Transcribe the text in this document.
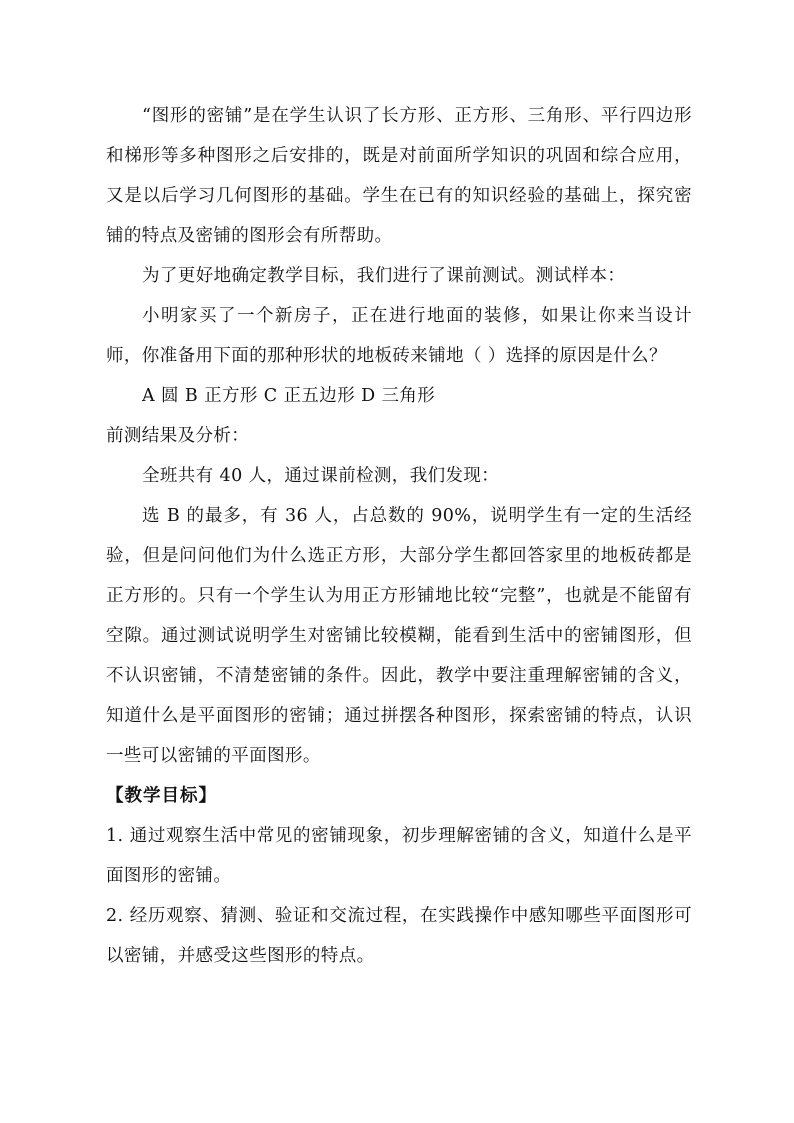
“图形的密铺”是在学生认识了长方形、正方形、三角形、平行四边形和梯形等多种图形之后安排的，既是对前面所学知识的巩固和综合应用，又是以后学习几何图形的基础。学生在已有的知识经验的基础上，探究密铺的特点及密铺的图形会有所帮助。

为了更好地确定教学目标，我们进行了课前测试。测试样本：

小明家买了一个新房子，正在进行地面的装修，如果让你来当设计师，你准备用下面的那种形状的地板砖来铺地（ ）选择的原因是什么？

A 圆 B 正方形 C 正五边形 D 三角形

前测结果及分析：

全班共有 40 人，通过课前检测，我们发现：

选 B 的最多，有 36 人，占总数的 90%，说明学生有一定的生活经验，但是问问他们为什么选正方形，大部分学生都回答家里的地板砖都是正方形的。只有一个学生认为用正方形铺地比较“完整”，也就是不能留有空隙。通过测试说明学生对密铺比较模糊，能看到生活中的密铺图形，但不认识密铺，不清楚密铺的条件。因此，教学中要注重理解密铺的含义，知道什么是平面图形的密铺；通过拼摆各种图形，探索密铺的特点，认识一些可以密铺的平面图形。

【教学目标】

1. 通过观察生活中常见的密铺现象，初步理解密铺的含义，知道什么是平面图形的密铺。

2. 经历观察、猜测、验证和交流过程，在实践操作中感知哪些平面图形可以密铺，并感受这些图形的特点。
